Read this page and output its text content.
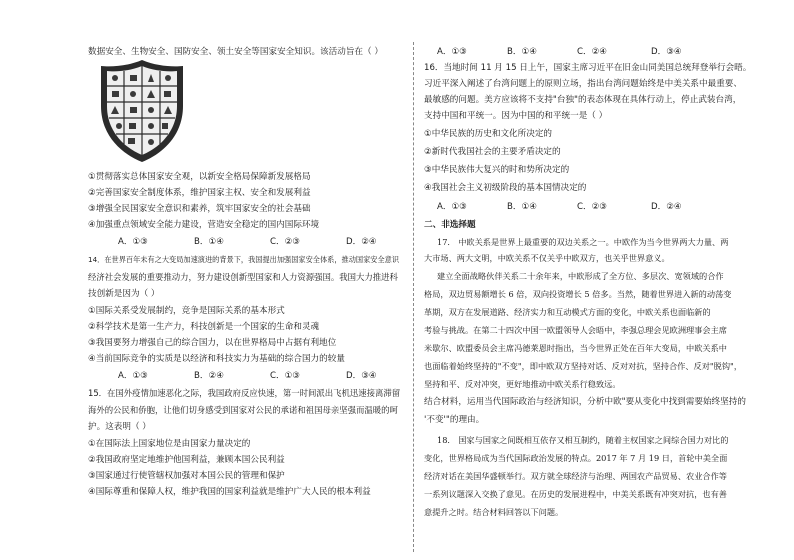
数据安全、生物安全、国防安全、领土安全等国家安全知识。该活动旨在（ ）
①贯彻落实总体国家安全观，以新安全格局保障新发展格局
②完善国家安全制度体系，维护国家主权、安全和发展利益
③增强全民国家安全意识和素养，筑牢国家安全的社会基础
④加强重点领域安全能力建设，营造安全稳定的国内国际环境
A．①③	B．①④	C．②③	D．②④
14．在世界百年未有之大变局加速演进的背景下，我国提出加强国家安全体系，推动国家安全意识
经济社会发展的重要推动力，努力建设创新型国家和人力资源强国。我国大力推进科
技创新是因为（ ）
①国际关系受发展制约，竞争是国际关系的基本形式
②科学技术是第一生产力，科技创新是一个国家的生命和灵魂
③我国要努力增强自己的综合国力，以在世界格局中占据有利地位
④当前国际竞争的实质是以经济和科技实力为基础的综合国力的较量
A．①③	B．②④	C．①③	D．③④
15．在国外疫情加速恶化之际，我国政府反应快速，第一时间派出飞机迅速接离滞留
海外的公民和侨胞，让他们切身感受到国家对公民的承诺和祖国母亲坚强而温暖的呵
护。这表明（ ）
①在国际法上国家地位是由国家力量决定的
②我国政府坚定地维护他国利益，兼顾本国公民利益
③国家通过行使管辖权加强对本国公民的管理和保护
④国际尊重和保障人权，维护我国的国家利益就是维护广大人民的根本利益
A．①③	B．①④	C．②④	D．③④
16．当地时间 11 月 15 日上午，国家主席习近平在旧金山同美国总统拜登举行会晤。
习近平深入阐述了台湾问题上的原则立场，指出台湾问题始终是中美关系中最重要、
最敏感的问题。美方应该将不支持"台独"的表态体现在具体行动上，停止武装台湾，
支持中国和平统一。因为中国的和平统一是（ ）
①中华民族的历史和文化所决定的
②新时代我国社会的主要矛盾决定的
③中华民族伟大复兴的时和势所决定的
④我国社会主义初级阶段的基本国情决定的
A．①③	B．①④	C．②③	D．②④
二、非选择题
17． 中欧关系是世界上最重要的双边关系之一。中欧作为当今世界两大力量、两
大市场、两大文明，中欧关系不仅关乎中欧双方，也关乎世界意义。
建立全面战略伙伴关系二十余年来，中欧形成了全方位、多层次、宽领域的合作
格局，双边贸易额增长 6 倍，双向投资增长 5 倍多。当然，随着世界进入新的动荡变
革期，双方在发展道路、经济实力和互动模式方面的变化，中欧关系也面临新的
考验与挑战。在第二十四次中国一欧盟领导人会晤中，李强总理会见欧洲理事会主席
米歇尔、欧盟委员会主席冯德莱恩时指出，当今世界正处在百年大变局，中欧关系中
也面临着始终坚持的"不变"，即中欧双方坚持对话、反对对抗，坚持合作、反对"脱钩"，
坚持和平、反对冲突，更好地推动中欧关系行稳致远。
结合材料，运用当代国际政治与经济知识，分析中欧"要从变化中找到需要始终坚持的
'不变'"的理由。
18． 国家与国家之间既相互依存又相互制约，随着主权国家之间综合国力对比的
变化，世界格局成为当代国际政治发展的特点。2017 年 7 月 19 日，首轮中美全面
经济对话在美国华盛顿举行。双方就全球经济与治理、两国农产品贸易、农业合作等
一系列议题深入交换了意见。在历史的发展进程中，中美关系既有冲突对抗，也有善
意提升之时。结合材料回答以下问题。
